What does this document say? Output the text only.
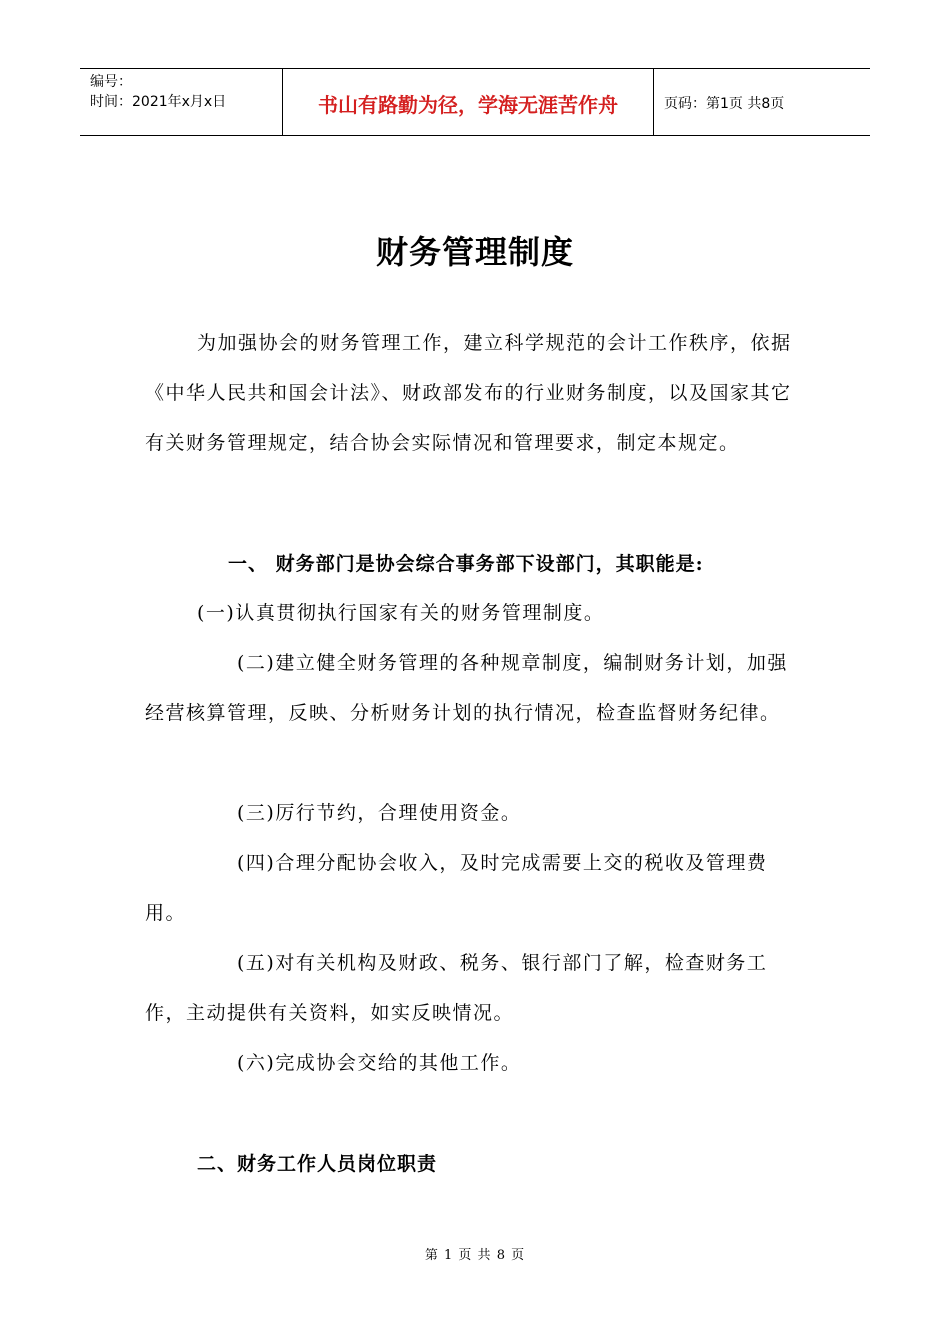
编号：
时间：2021年x月x日	书山有路勤为径，学海无涯苦作舟	页码：第1页 共8页
财务管理制度

为加强协会的财务管理工作，建立科学规范的会计工作秩序，依据《中华人民共和国会计法》、财政部发布的行业财务制度，以及国家其它有关财务管理规定，结合协会实际情况和管理要求，制定本规定。

一、 财务部门是协会综合事务部下设部门，其职能是:

(一)认真贯彻执行国家有关的财务管理制度。

(二)建立健全财务管理的各种规章制度，编制财务计划，加强经营核算管理，反映、分析财务计划的执行情况，检查监督财务纪律。

(三)厉行节约，合理使用资金。

(四)合理分配协会收入，及时完成需要上交的税收及管理费用。

(五)对有关机构及财政、税务、银行部门了解，检查财务工作，主动提供有关资料，如实反映情况。

(六)完成协会交给的其他工作。

二、财务工作人员岗位职责
第 1 页 共 8 页
